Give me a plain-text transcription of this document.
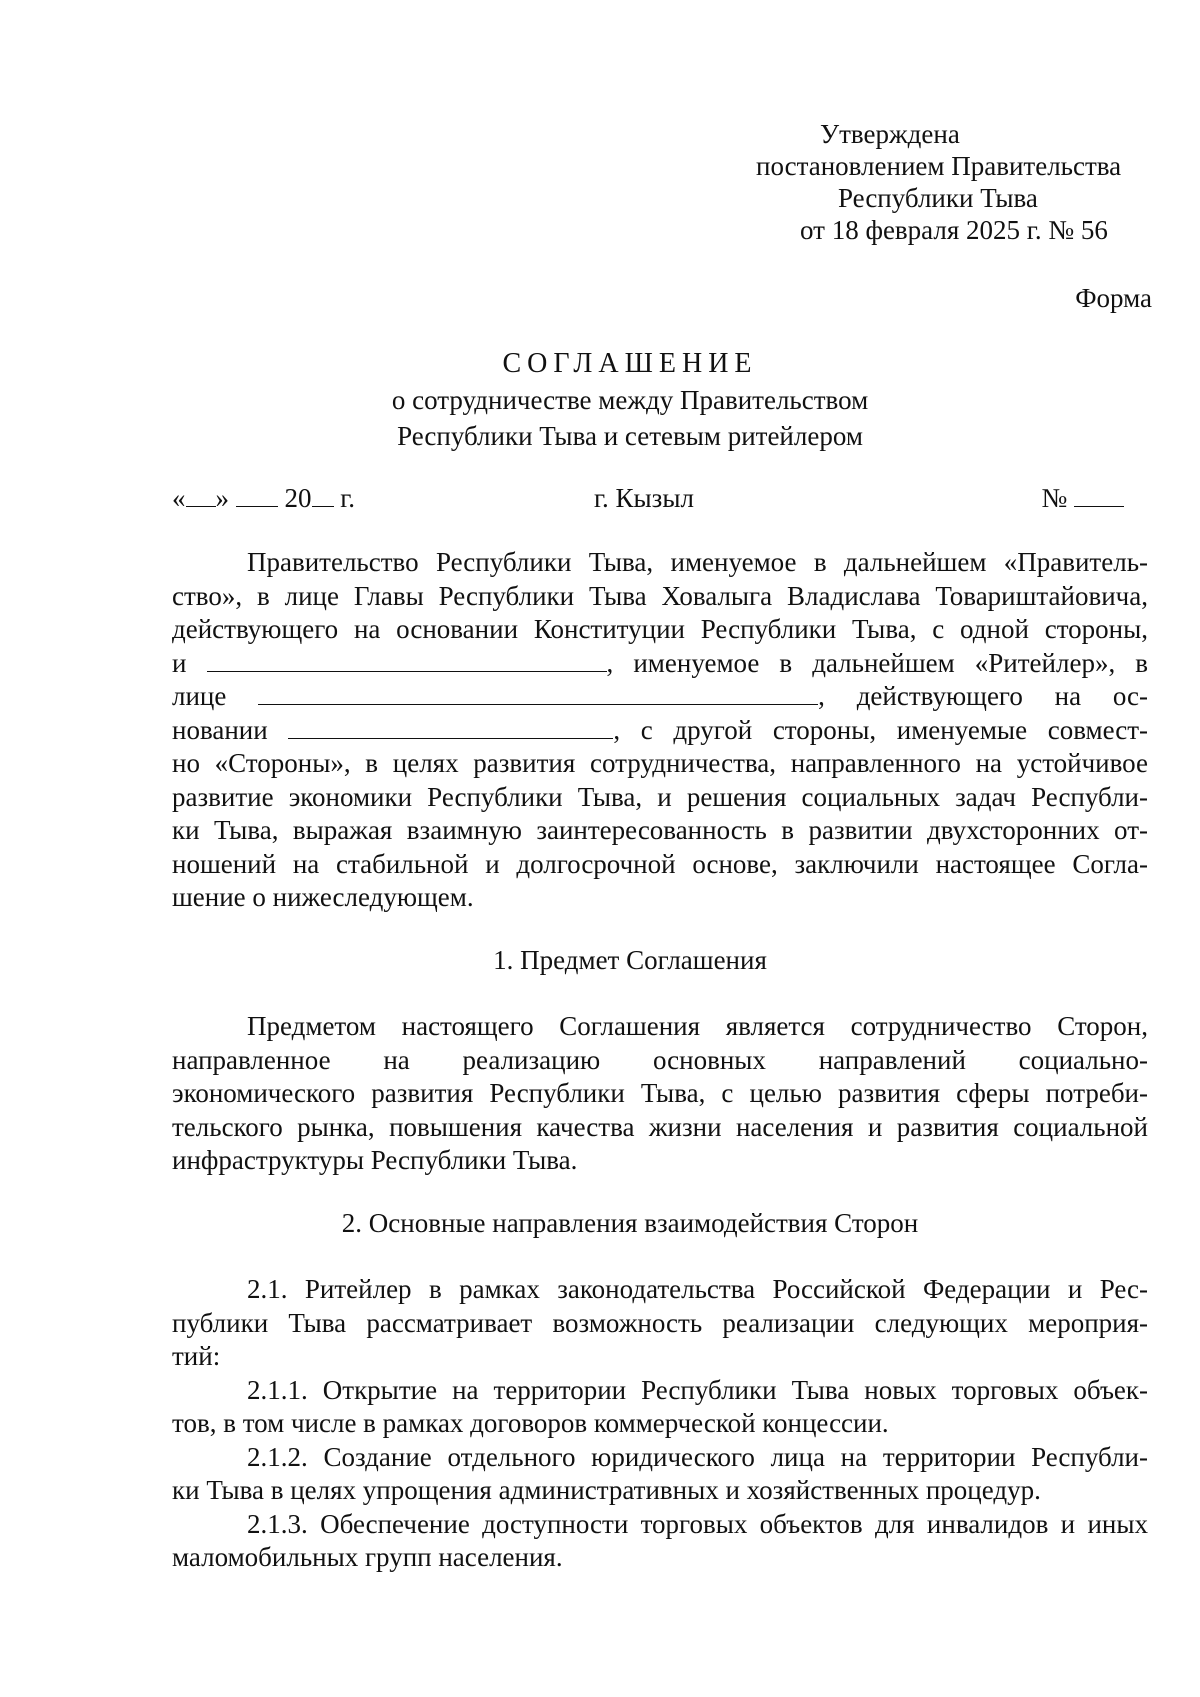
Утверждена
постановлением Правительства
Республики Тыва
от 18 февраля 2025 г. № 56
Форма
СОГЛАШЕНИЕ
о сотрудничестве между Правительством
Республики Тыва и сетевым ритейлером
« » 20 г.	г. Кызыл	№
Правительство Республики Тыва, именуемое в дальнейшем «Правитель-
ство», в лице Главы Республики Тыва Ховалыга Владислава Товариштайовича,
действующего на основании Конституции Республики Тыва, с одной стороны,
и	, именуемое в дальнейшем «Ритейлер», в
лице	, действующего на ос-
новании	, с другой стороны, именуемые совмест-
но «Стороны», в целях развития сотрудничества, направленного на устойчивое
развитие экономики Республики Тыва, и решения социальных задач Республи-
ки Тыва, выражая взаимную заинтересованность в развитии двухсторонних от-
ношений на стабильной и долгосрочной основе, заключили настоящее Согла-
шение о нижеследующем.
1. Предмет Соглашения
Предметом настоящего Соглашения является сотрудничество Сторон,
направленное на реализацию основных направлений социально-
экономического развития Республики Тыва, с целью развития сферы потреби-
тельского рынка, повышения качества жизни населения и развития социальной
инфраструктуры Республики Тыва.
2. Основные направления взаимодействия Сторон
2.1. Ритейлер в рамках законодательства Российской Федерации и Рес-
публики Тыва рассматривает возможность реализации следующих мероприя-
тий:
2.1.1. Открытие на территории Республики Тыва новых торговых объек-
тов, в том числе в рамках договоров коммерческой концессии.
2.1.2. Создание отдельного юридического лица на территории Республи-
ки Тыва в целях упрощения административных и хозяйственных процедур.
2.1.3. Обеспечение доступности торговых объектов для инвалидов и иных
маломобильных групп населения.
